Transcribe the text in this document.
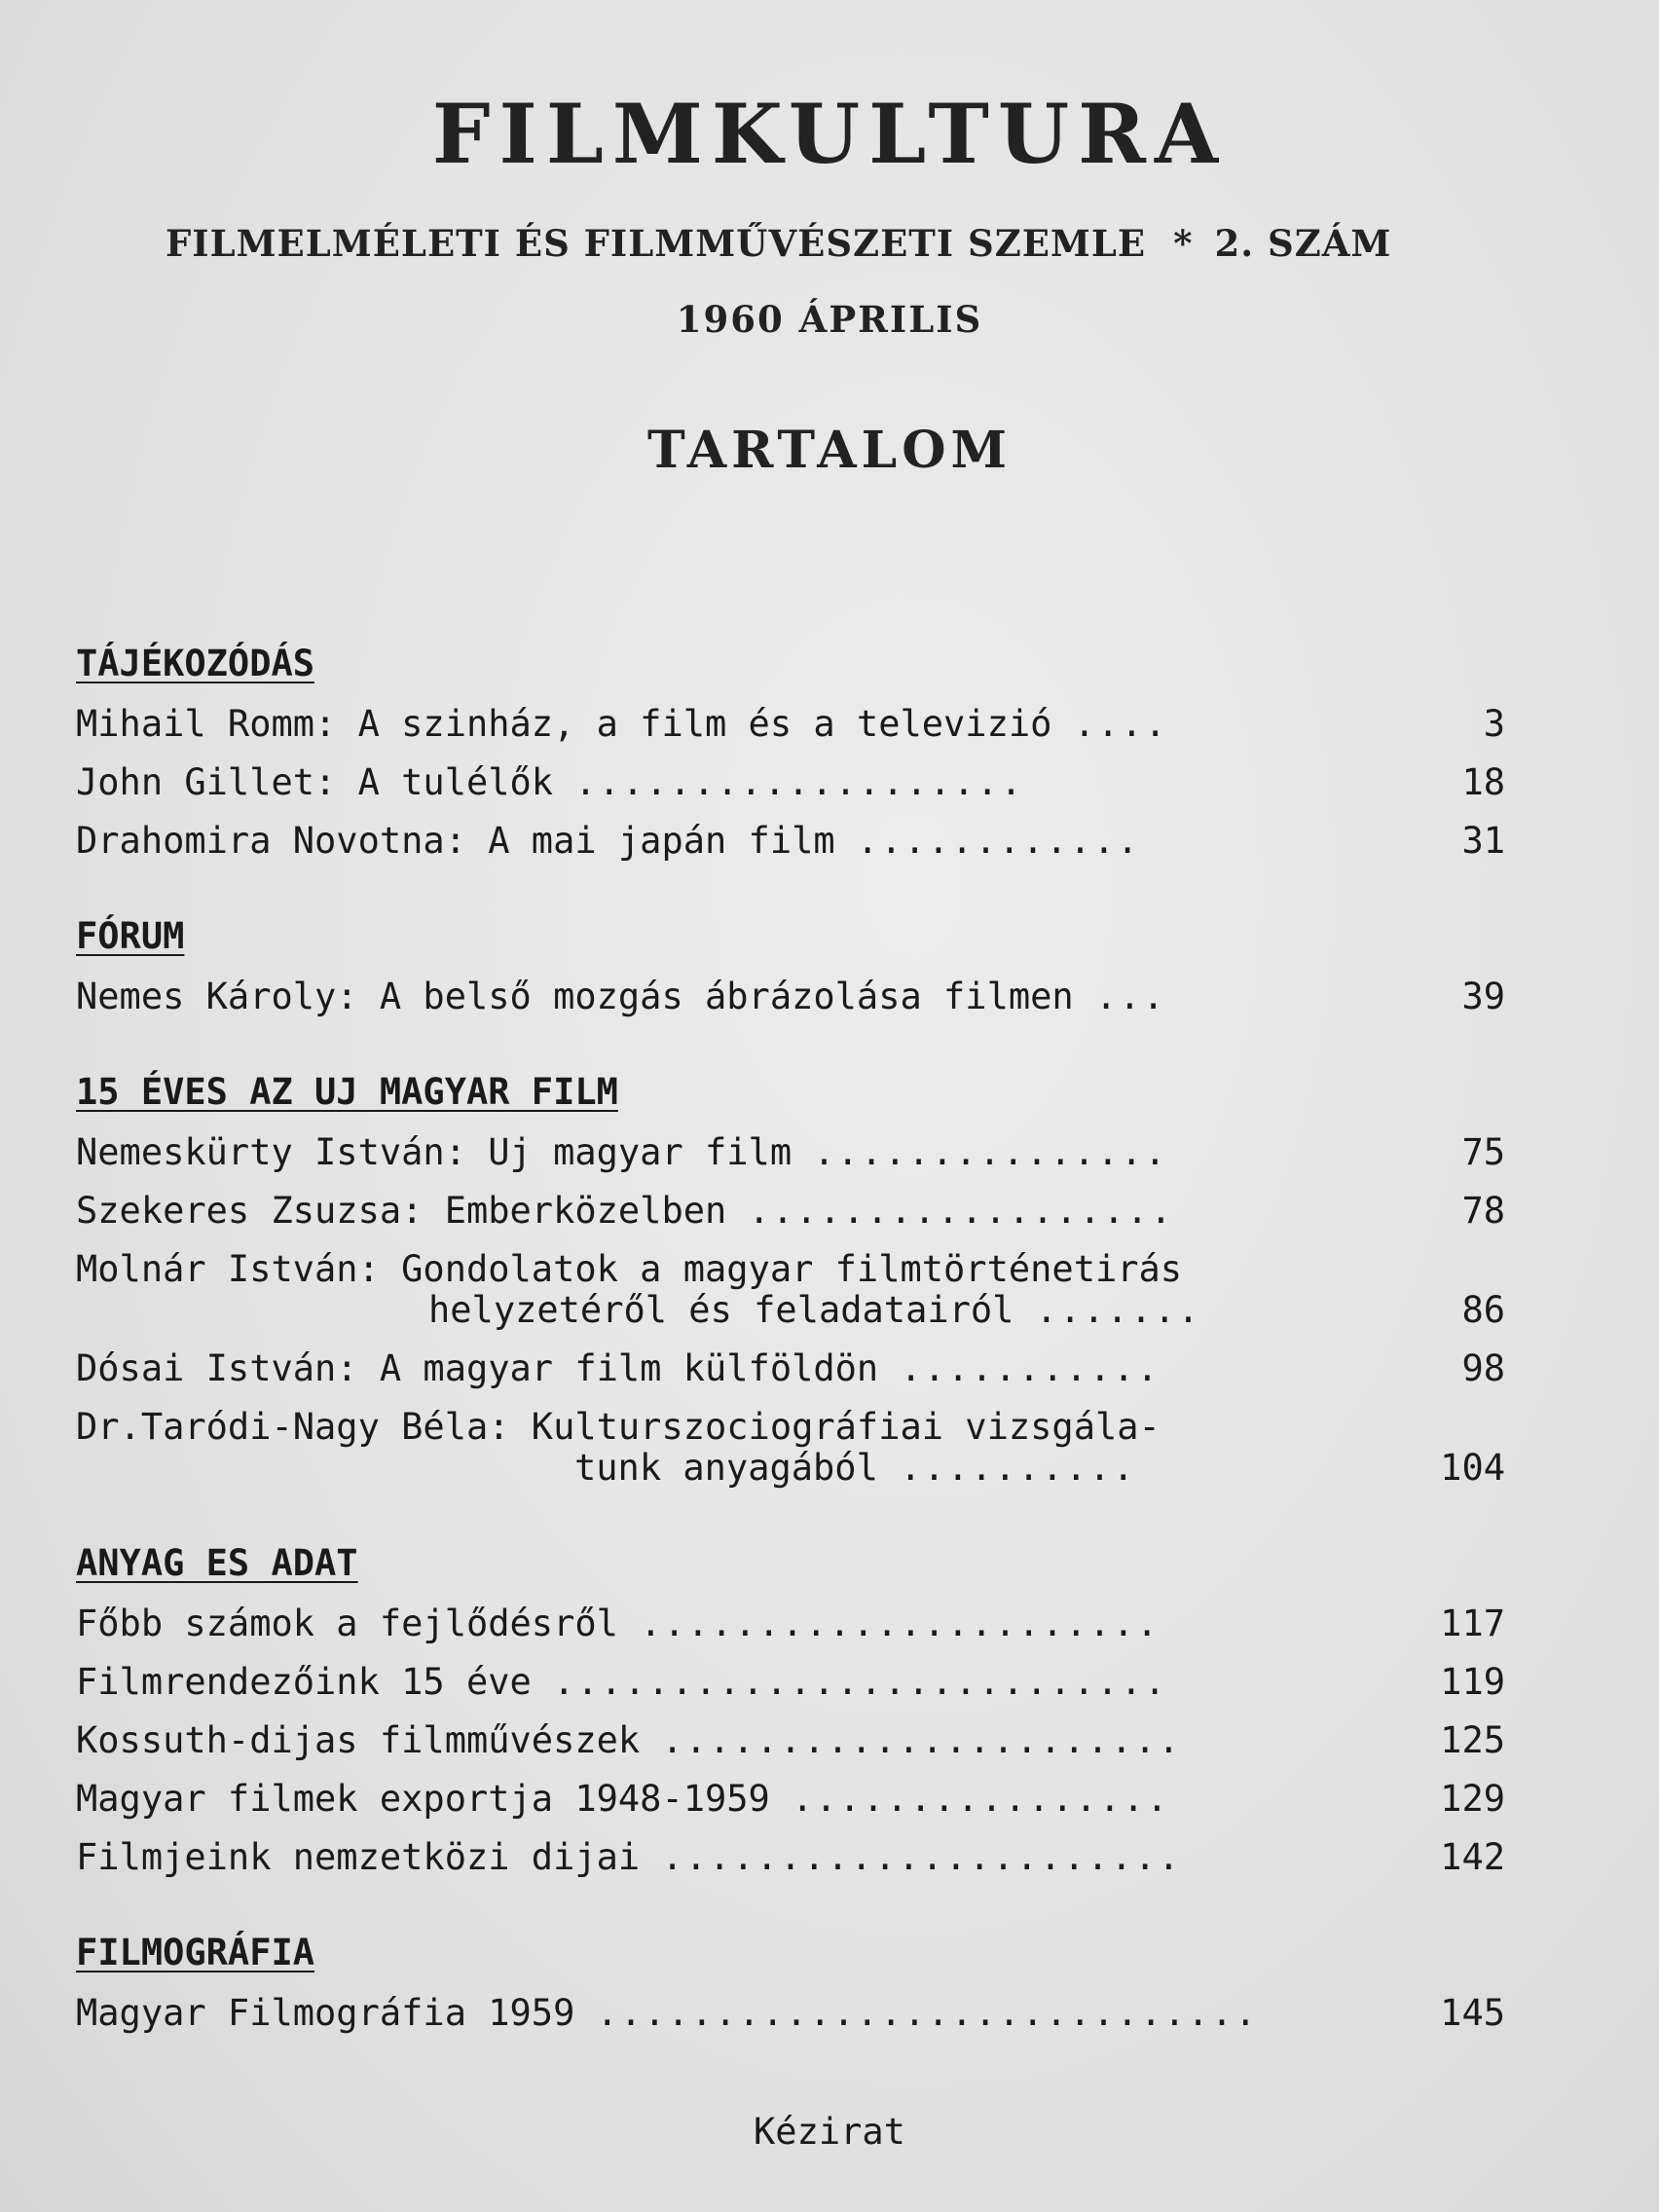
FILMKULTURA
FILMELMÉLETI ÉS FILMMŰVÉSZETI SZEMLE * 2. SZÁM
1960 ÁPRILIS
TARTALOM
TÁJÉKOZÓDÁS
Mihail Romm: A szinház, a film és a televizió ....	3
John Gillet: A tulélők ...................	18
Drahomira Novotna: A mai japán film ............	31
FÓRUM
Nemes Károly: A belső mozgás ábrázolása filmen ...	39
15 ÉVES AZ UJ MAGYAR FILM
Nemeskürty István: Uj magyar film ...............	75
Szekeres Zsuzsa: Emberközelben ..................	78
Molnár István: Gondolatok a magyar filmtörténetirás
helyzetéről és feladatairól .......	86
Dósai István: A magyar film külföldön ...........	98
Dr.Taródi-Nagy Béla: Kulturszociográfiai vizsgála-
tunk anyagából ..........	104
ANYAG ES ADAT
Főbb számok a fejlődésről ......................	117
Filmrendezőink 15 éve ..........................	119
Kossuth-dijas filmművészek ......................	125
Magyar filmek exportja 1948-1959 ................	129
Filmjeink nemzetközi dijai ......................	142
FILMOGRÁFIA
Magyar Filmográfia 1959 ............................	145
Kézirat
